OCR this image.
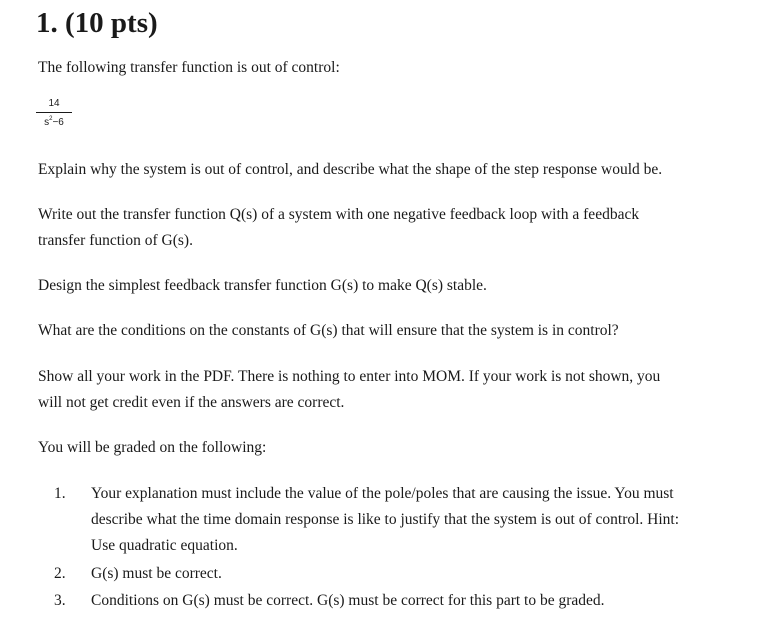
1. (10 pts)

The following transfer function is out of control:

$\frac{14}{s^2-6}$

Explain why the system is out of control, and describe what the shape of the step response would be.

Write out the transfer function Q(s) of a system with one negative feedback loop with a feedback

transfer function of G(s).

Design the simplest feedback transfer function G(s) to make Q(s) stable.

What are the conditions on the constants of G(s) that will ensure that the system is in control?

Show all your work in the PDF. There is nothing to enter into MOM. If your work is not shown, you

will not get credit even if the answers are correct.

You will be graded on the following:

1. Your explanation must include the value of the pole/poles that are causing the issue. You must
describe what the time domain response is like to justify that the system is out of control. Hint:
Use quadratic equation.
2. G(s) must be correct.
3. Conditions on G(s) must be correct. G(s) must be correct for this part to be graded.
